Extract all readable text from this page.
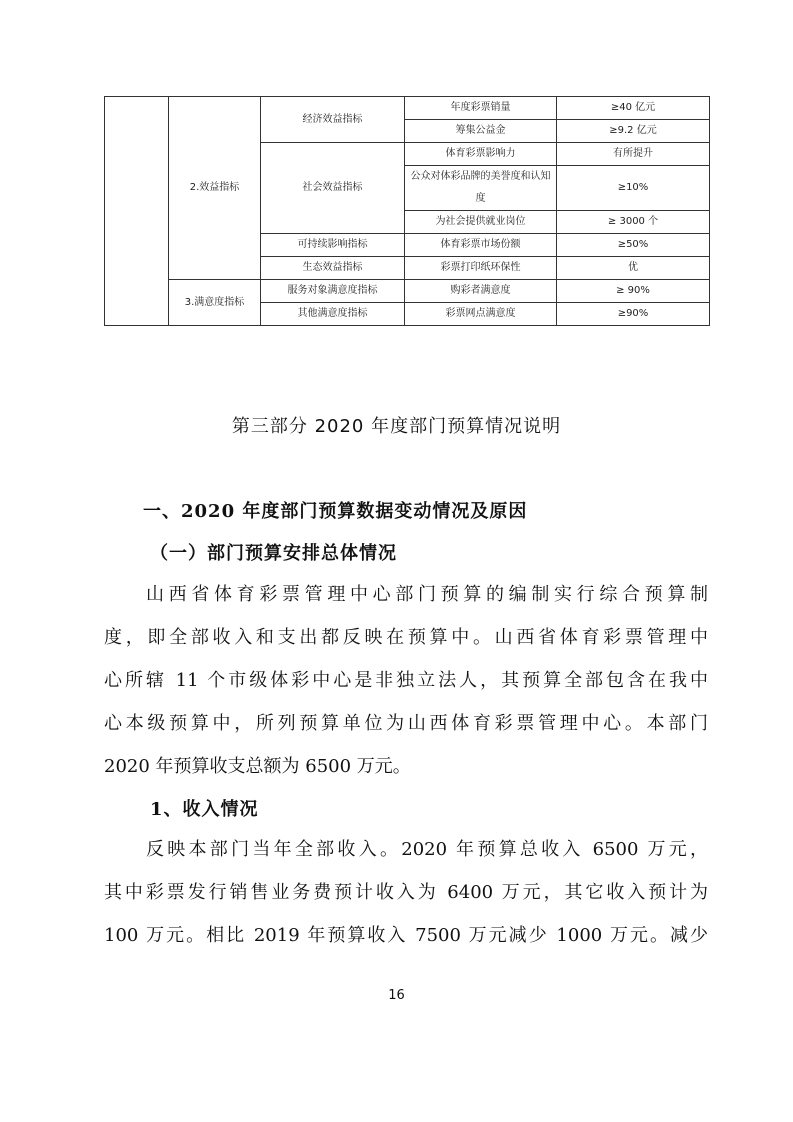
	2.效益指标	经济效益指标	年度彩票销量	≥40 亿元
			筹集公益金	≥9.2 亿元
		社会效益指标	体育彩票影响力	有所提升
			公众对体彩品牌的美誉度和认知度	≥10%
			为社会提供就业岗位	≥ 3000 个
		可持续影响指标	体育彩票市场份额	≥50%
		生态效益指标	彩票打印纸环保性	优
	3.满意度指标	服务对象满意度指标	购彩者满意度	≥ 90%
		其他满意度指标	彩票网点满意度	≥90%
第三部分 2020 年度部门预算情况说明
一、2020 年度部门预算数据变动情况及原因
（一）部门预算安排总体情况
山西省体育彩票管理中心部门预算的编制实行综合预算制
度，即全部收入和支出都反映在预算中。山西省体育彩票管理中
心所辖 11 个市级体彩中心是非独立法人，其预算全部包含在我中
心本级预算中，所列预算单位为山西体育彩票管理中心。本部门
2020 年预算收支总额为 6500 万元。
1、收入情况
反映本部门当年全部收入。2020 年预算总收入 6500 万元，
其中彩票发行销售业务费预计收入为 6400 万元，其它收入预计为
100 万元。相比 2019 年预算收入 7500 万元减少 1000 万元。减少
16
